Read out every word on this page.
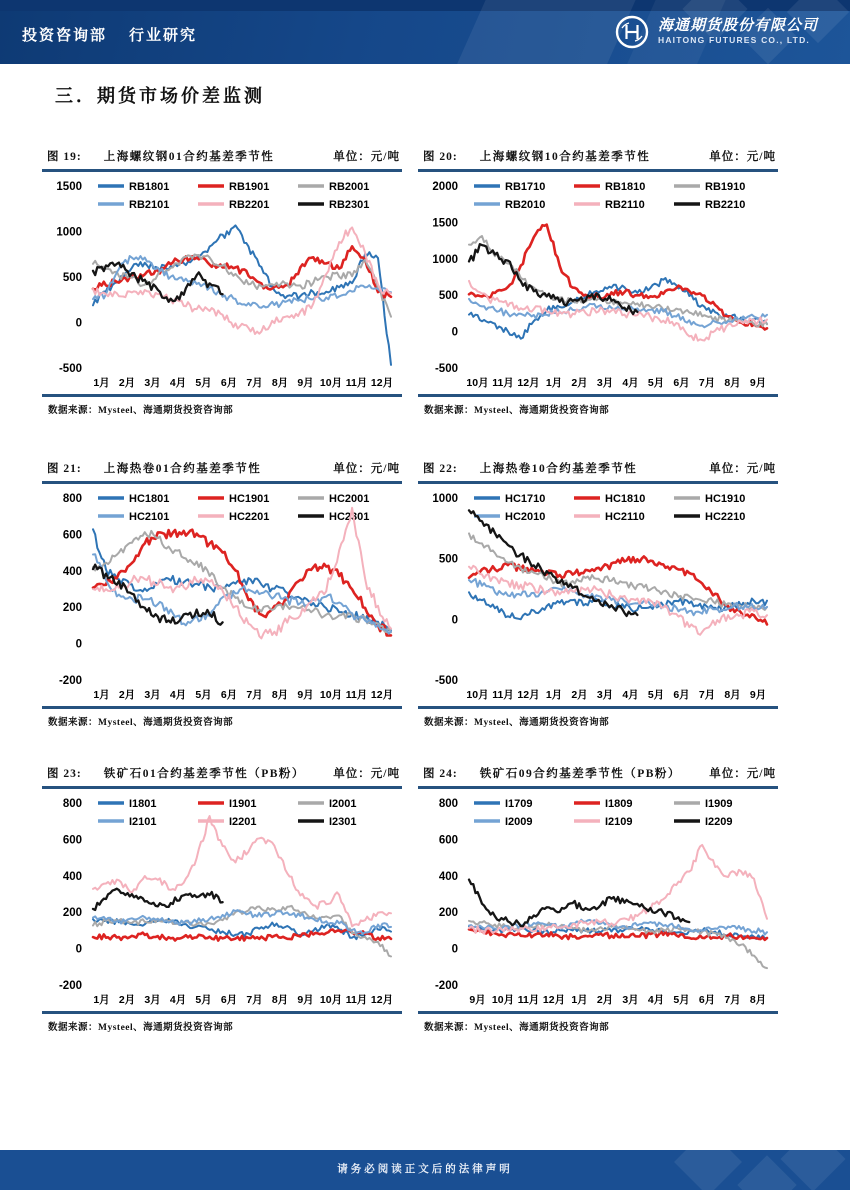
投资咨询部 行业研究
海通期货股份有限公司
HAITONG FUTURES CO., LTD.
三．期货市场价差监测
图 19: 上海螺纹钢01合约基差季节性	单位：元/吨
1500
1000
500
0
-500
1月 2月 3月 4月 5月 6月 7月 8月 9月 10月 11月 12月
RB1801	RB1901	RB2001
RB2101	RB2201	RB2301
数据来源：Mysteel、海通期货投资咨询部
图 20: 上海螺纹钢10合约基差季节性	单位：元/吨
2000
1500
1000
500
0
-500
10月 11月 12月 1月 2月 3月 4月 5月 6月 7月 8月 9月
RB1710	RB1810	RB1910
RB2010	RB2110	RB2210
数据来源：Mysteel、海通期货投资咨询部
图 21: 上海热卷01合约基差季节性	单位：元/吨
800
600
400
200
0
-200
1月 2月 3月 4月 5月 6月 7月 8月 9月 10月 11月 12月
HC1801	HC1901	HC2001
HC2101	HC2201	HC2301
数据来源：Mysteel、海通期货投资咨询部
图 22: 上海热卷10合约基差季节性	单位：元/吨
1000
500
0
-500
10月 11月 12月 1月 2月 3月 4月 5月 6月 7月 8月 9月
HC1710	HC1810	HC1910
HC2010	HC2110	HC2210
数据来源：Mysteel、海通期货投资咨询部
图 23: 铁矿石01合约基差季节性（PB粉） 单位：元/吨
800
600
400
200
0
-200
1月 2月 3月 4月 5月 6月 7月 8月 9月 10月 11月 12月
I1801	I1901	I2001
I2101	I2201	I2301
数据来源：Mysteel、海通期货投资咨询部
图 24: 铁矿石09合约基差季节性（PB粉） 单位：元/吨
800
600
400
200
0
-200
9月 10月 11月 12月 1月 2月 3月 4月 5月 6月 7月 8月
I1709	I1809	I1909
I2009	I2109	I2209
数据来源：Mysteel、海通期货投资咨询部
请务必阅读正文后的法律声明
